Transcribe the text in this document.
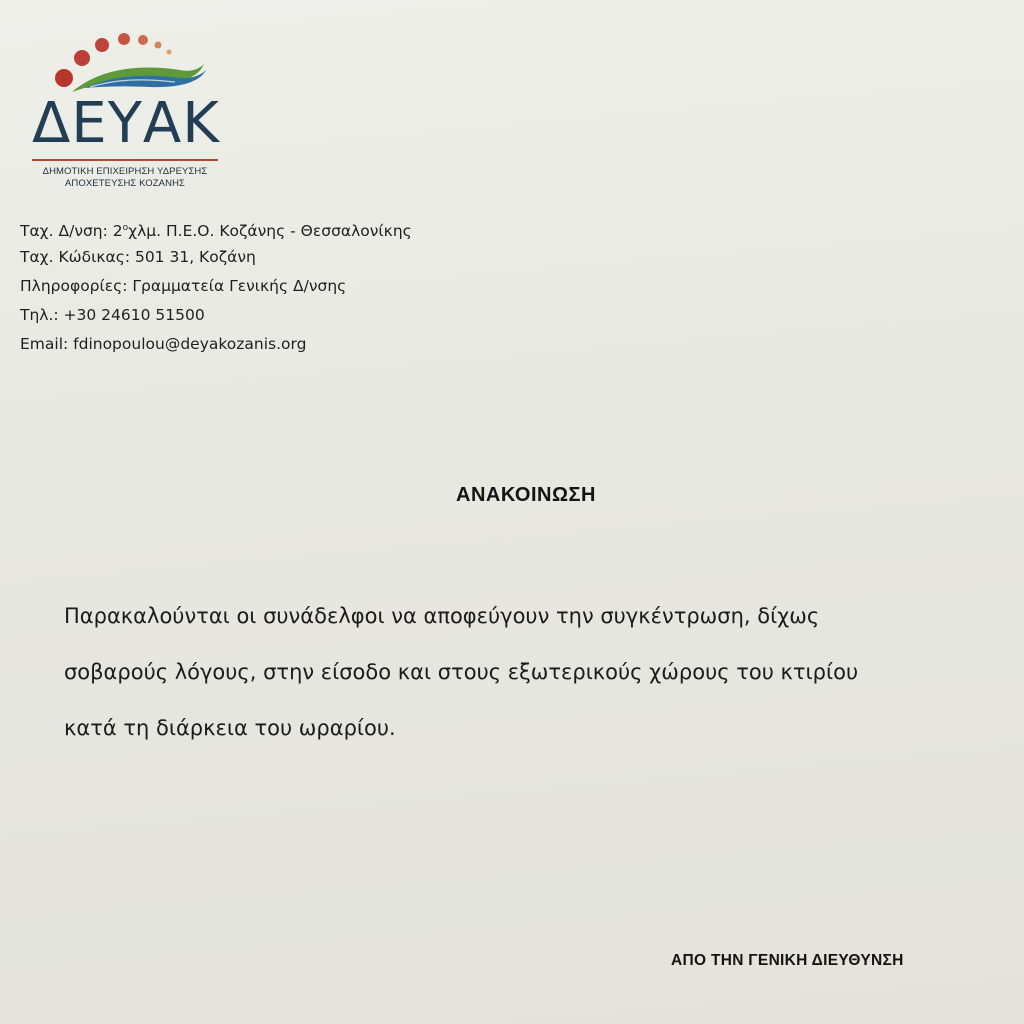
ΔΕΥΑΚ
ΔΗΜΟΤΙΚΗ ΕΠΙΧΕΙΡΗΣΗ ΥΔΡΕΥΣΗΣ
ΑΠΟΧΕΤΕΥΣΗΣ ΚΟΖΑΝΗΣ
Ταχ. Δ/νση: $2^o\chi\lambda\mu$. Π.Ε.Ο. Κοζάνης - Θεσσαλονίκης
Ταχ. Κώδικας: 501 31, Κοζάνη
Πληροφορίες: Γραμματεία Γενικής Δ/νσης
Τηλ.: +30 24610 51500
Email: fdinopoulou@deyakozanis.org
ΑΝΑΚΟΙΝΩΣΗ
Παρακαλούνται οι συνάδελφοι να αποφεύγουν την συγκέντρωση, δίχως
σοβαρούς λόγους, στην είσοδο και στους εξωτερικούς χώρους του κτιρίου
κατά τη διάρκεια του ωραρίου.
ΑΠΟ ΤΗΝ ΓΕΝΙΚΗ ΔΙΕΥΘΥΝΣΗ
